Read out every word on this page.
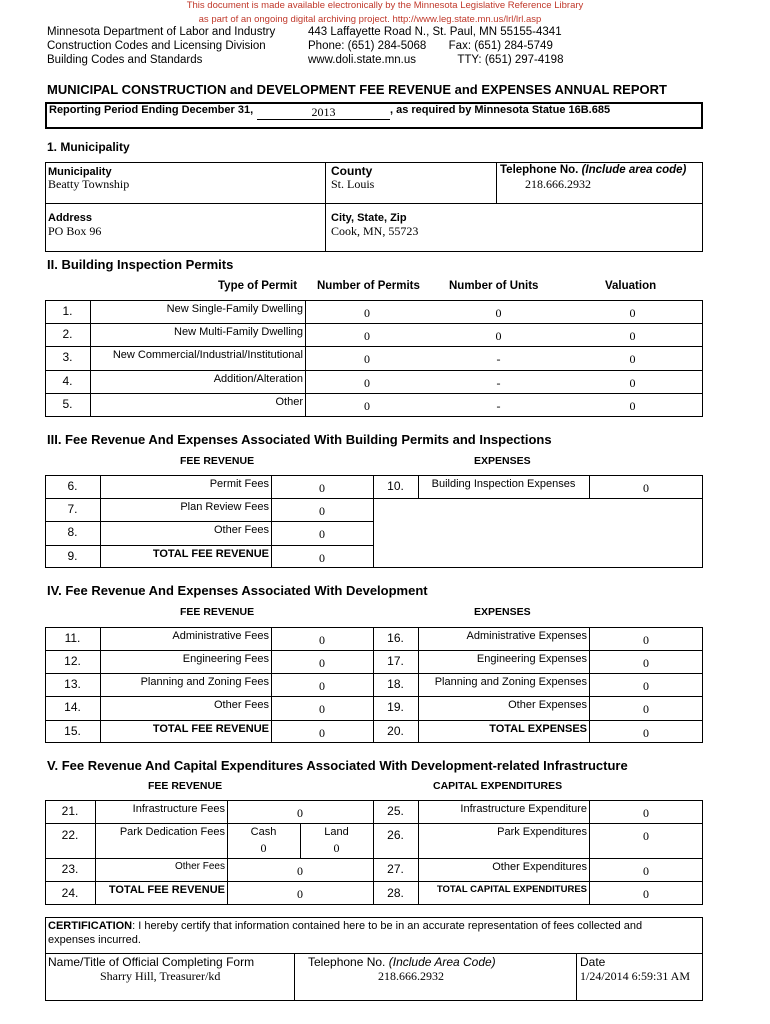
This document is made available electronically by the Minnesota Legislative Reference Library
as part of an ongoing digital archiving project. http://www.leg.state.mn.us/lrl/lrl.asp
Minnesota Department of Labor and Industry
Construction Codes and Licensing Division
Building Codes and Standards
443 Laffayette Road N., St. Paul, MN 55155-4341
Phone: (651) 284-5068       Fax: (651) 284-5749
www.doli.state.mn.us             TTY: (651) 297-4198
MUNICIPAL CONSTRUCTION and DEVELOPMENT FEE REVENUE and EXPENSES ANNUAL REPORT
Reporting Period Ending December 31,	2013	, as required by Minnesota Statue 16B.685
1. Municipality
Municipality
Beatty Township
County
St. Louis
Telephone No. (Include area code)
218.666.2932
Address
PO Box 96
City, State, Zip
Cook, MN, 55723
II. Building Inspection Permits
Type of Permit Number of Permits	Number of Units	Valuation
1.	New Single-Family Dwelling	0	0	0
2.	New Multi-Family Dwelling	0	0	0
3.	New Commercial/Industrial/Institutional	0	-	0
4.	Addition/Alteration	0	-	0
5.	Other	0	-	0
III. Fee Revenue And Expenses Associated With Building Permits and Inspections
FEE REVENUE	EXPENSES
6.	Permit Fees	0
7.	Plan Review Fees	0
8.	Other Fees	0
9.	TOTAL FEE REVENUE	0
10.	Building Inspection Expenses	0
IV. Fee Revenue And Expenses Associated With Development
FEE REVENUE	EXPENSES
11.	Administrative Fees	0
12.	Engineering Fees	0
13.	Planning and Zoning Fees	0
14.	Other Fees	0
15.	TOTAL FEE REVENUE	0
16.	Administrative Expenses	0
17.	Engineering Expenses	0
18.	Planning and Zoning Expenses	0
19.	Other Expenses	0
20.	TOTAL EXPENSES	0
V. Fee Revenue And Capital Expenditures Associated With Development-related Infrastructure
FEE REVENUE	CAPITAL EXPENDITURES
21.	Infrastructure Fees	0
22.	Park Dedication Fees	Cash
0
Land
0
23.	Other Fees	0
24.	TOTAL FEE REVENUE	0
25.	Infrastructure Expenditure	0
26.	Park Expenditures	0
27.	Other Expenditures	0
28.	TOTAL CAPITAL EXPENDITURES	0
CERTIFICATION: I hereby certify that information contained here to be in an accurate representation of fees collected and
expenses incurred.
Name/Title of Official Completing Form
Sharry Hill, Treasurer/kd
Telephone No. (Include Area Code)
218.666.2932
Date
1/24/2014 6:59:31 AM
